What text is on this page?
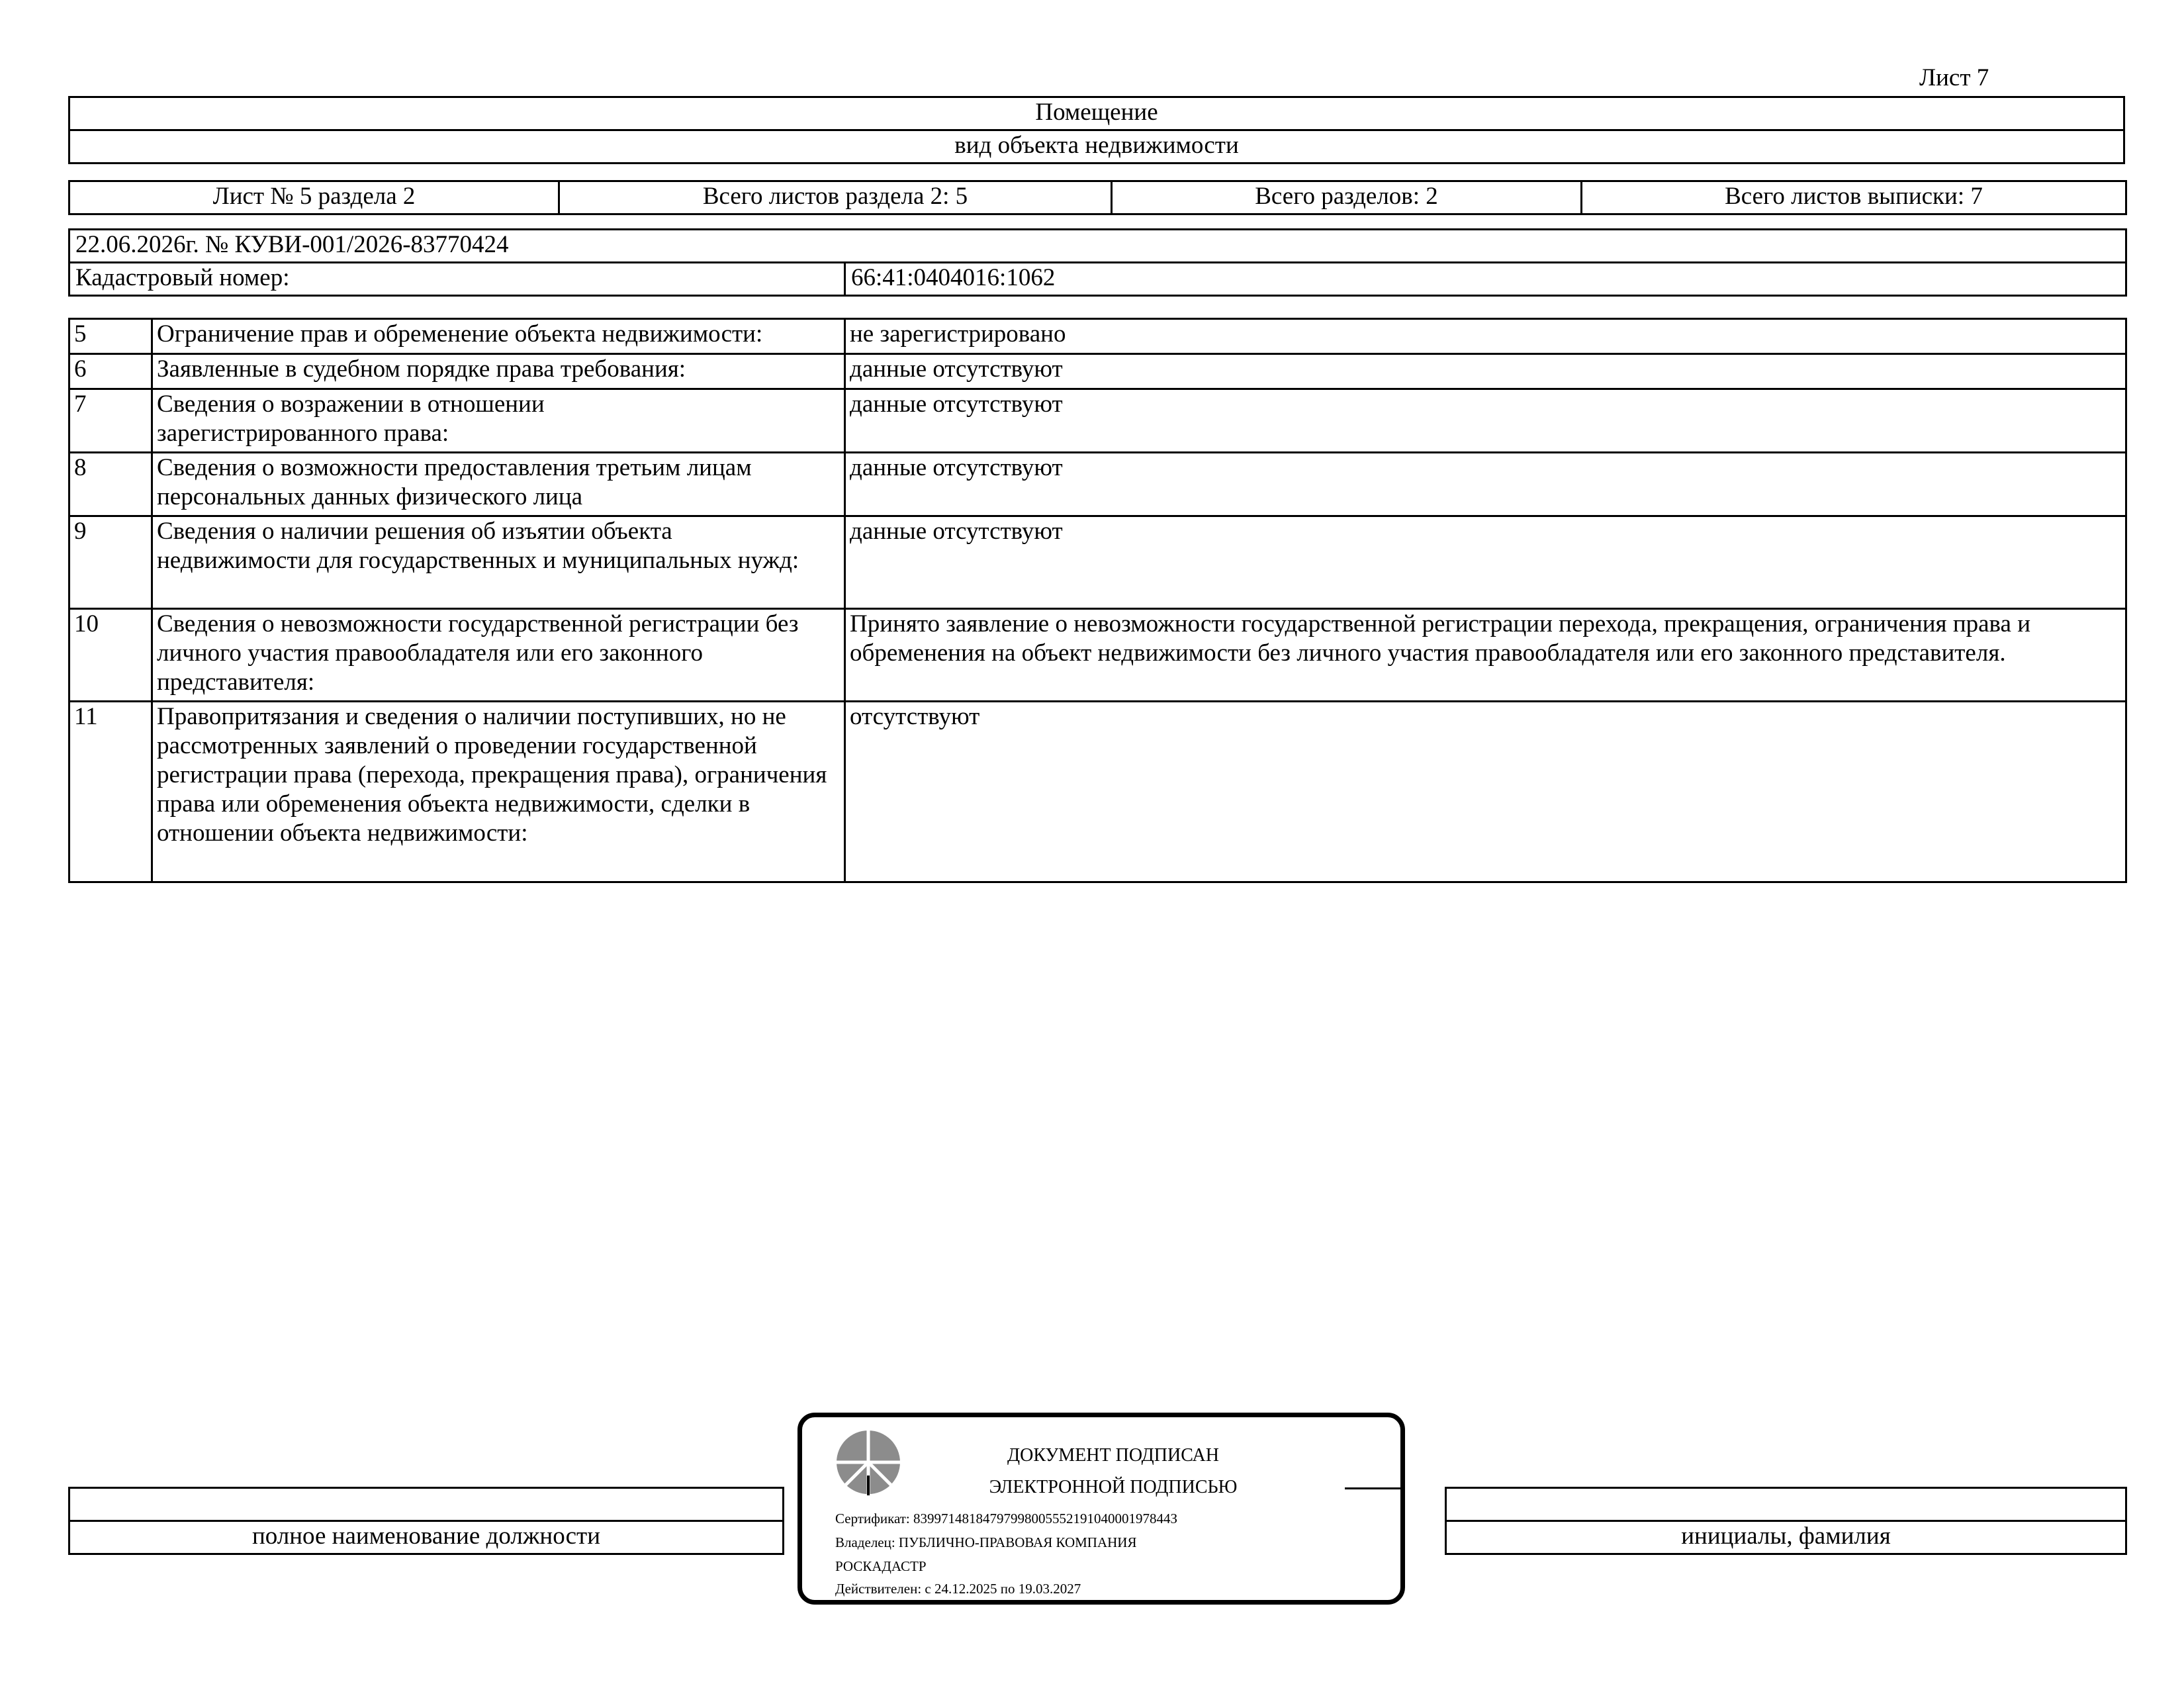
Лист 7
Помещение
вид объекта недвижимости
Лист № 5 раздела 2	Всего листов раздела 2: 5	Всего разделов: 2	Всего листов выписки: 7
22.06.2026г. № КУВИ-001/2026-83770424
Кадастровый номер:	66:41:0404016:1062
5	Ограничение прав и обременение объекта недвижимости:	не зарегистрировано
6	Заявленные в судебном порядке права требования:	данные отсутствуют
7	Сведения о возражении в отношении зарегистрированного права:	данные отсутствуют
8	Сведения о возможности предоставления третьим лицам персональных данных физического лица	данные отсутствуют
9	Сведения о наличии решения об изъятии объекта недвижимости для государственных и муниципальных нужд:	данные отсутствуют
10	Сведения о невозможности государственной регистрации без личного участия правообладателя или его законного представителя:	Принято заявление о невозможности государственной регистрации перехода, прекращения, ограничения права и обременения на объект недвижимости без личного участия правообладателя или его законного представителя.
11	Правопритязания и сведения о наличии поступивших, но не рассмотренных заявлений о проведении государственной регистрации права (перехода, прекращения права), ограничения права или обременения объекта недвижимости, сделки в отношении объекта недвижимости:	отсутствуют

полное наименование должности		инициалы, фамилия
ДОКУМЕНТ ПОДПИСАН
ЭЛЕКТРОННОЙ ПОДПИСЬЮ
Сертификат: 8399714818479799800555219104000197844З
Владелец: ПУБЛИЧНО-ПРАВОВАЯ КОМПАНИЯ
РОСКАДАСТР
Действителен: с 24.12.2025 по 19.03.2027
